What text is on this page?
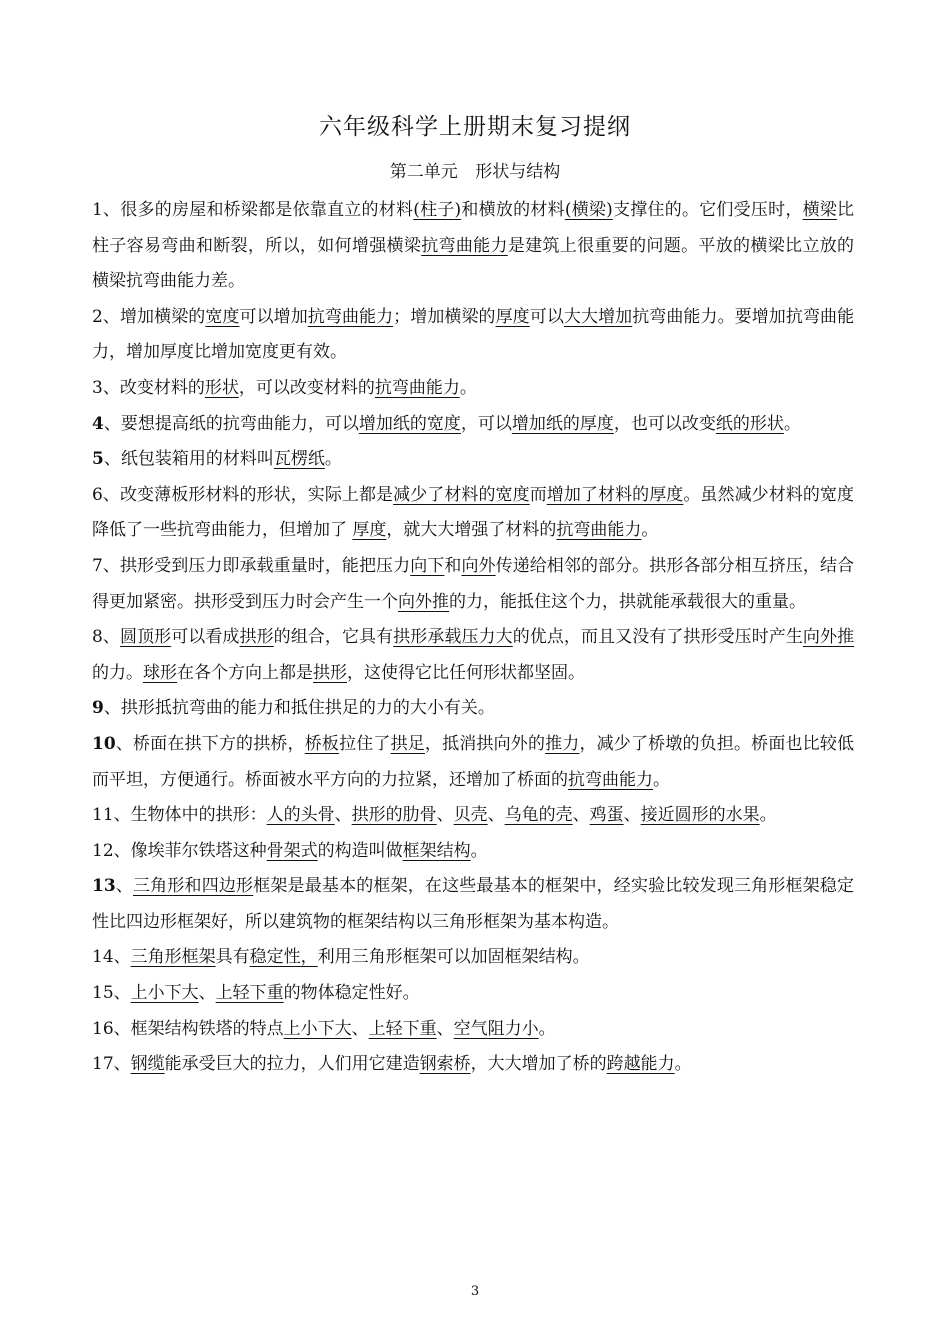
六年级科学上册期末复习提纲
第二单元 形状与结构

1、很多的房屋和桥梁都是依靠直立的材料(柱子)和横放的材料(横梁)支撑住的。它们受压时，横梁比柱子容易弯曲和断裂，所以，如何增强横梁抗弯曲能力是建筑上很重要的问题。平放的横梁比立放的横梁抗弯曲能力差。

2、增加横梁的宽度可以增加抗弯曲能力；增加横梁的厚度可以大大增加抗弯曲能力。要增加抗弯曲能力，增加厚度比增加宽度更有效。

3、改变材料的形状，可以改变材料的抗弯曲能力。

4、要想提高纸的抗弯曲能力，可以增加纸的宽度，可以增加纸的厚度，也可以改变纸的形状。

5、纸包装箱用的材料叫瓦楞纸。

6、改变薄板形材料的形状，实际上都是减少了材料的宽度而增加了材料的厚度。虽然减少材料的宽度降低了一些抗弯曲能力，但增加了 厚度，就大大增强了材料的抗弯曲能力。

7、拱形受到压力即承载重量时，能把压力向下和向外传递给相邻的部分。拱形各部分相互挤压，结合得更加紧密。拱形受到压力时会产生一个向外推的力，能抵住这个力，拱就能承载很大的重量。

8、圆顶形可以看成拱形的组合，它具有拱形承载压力大的优点，而且又没有了拱形受压时产生向外推的力。球形在各个方向上都是拱形，这使得它比任何形状都坚固。

9、拱形抵抗弯曲的能力和抵住拱足的力的大小有关。

10、桥面在拱下方的拱桥，桥板拉住了拱足，抵消拱向外的推力，减少了桥墩的负担。桥面也比较低而平坦，方便通行。桥面被水平方向的力拉紧，还增加了桥面的抗弯曲能力。

11、生物体中的拱形：人的头骨、拱形的肋骨、贝壳、乌龟的壳、鸡蛋、接近圆形的水果。

12、像埃菲尔铁塔这种骨架式的构造叫做框架结构。

13、三角形和四边形框架是最基本的框架，在这些最基本的框架中，经实验比较发现三角形框架稳定性比四边形框架好，所以建筑物的框架结构以三角形框架为基本构造。

14、三角形框架具有稳定性，利用三角形框架可以加固框架结构。

15、上小下大、上轻下重的物体稳定性好。

16、框架结构铁塔的特点上小下大、上轻下重、空气阻力小。

17、钢缆能承受巨大的拉力，人们用它建造钢索桥，大大增加了桥的跨越能力。

3
